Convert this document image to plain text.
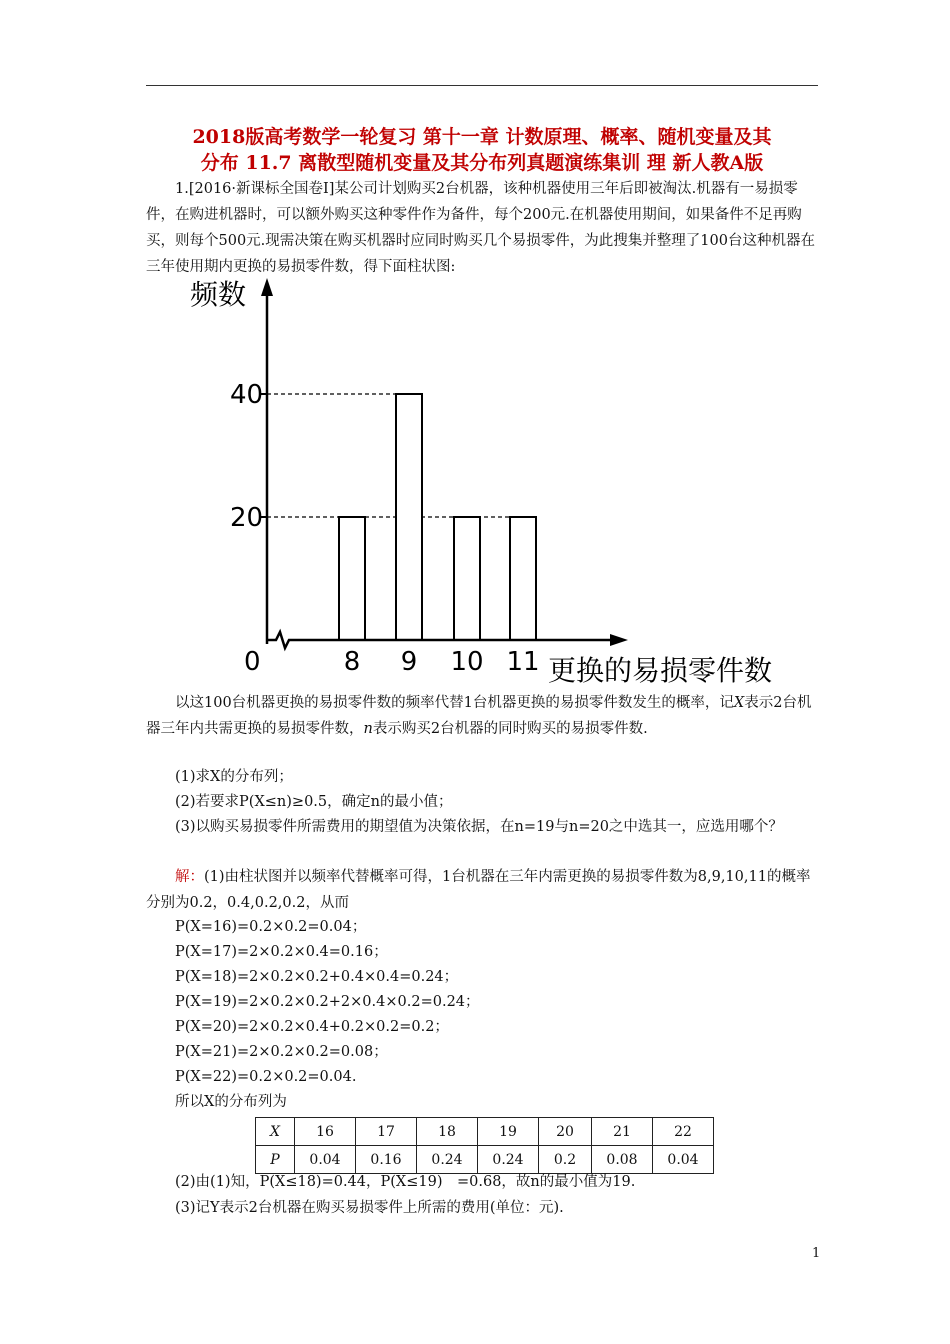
2018版高考数学一轮复习 第十一章 计数原理、概率、随机变量及其
分布 11.7 离散型随机变量及其分布列真题演练集训 理 新人教A版

1.[2016·新课标全国卷Ⅰ]某公司计划购买2台机器，该种机器使用三年后即被淘汰.机器有一易损零件，在购进机器时，可以额外购买这种零件作为备件，每个200元.在机器使用期间，如果备件不足再购买，则每个500元.现需决策在购买机器时应同时购买几个易损零件，为此搜集并整理了100台这种机器在三年使用期内更换的易损零件数，得下面柱状图:

频数
40
20
0	8 9 10 11 更换的易损零件数

以这100台机器更换的易损零件数的频率代替1台机器更换的易损零件数发生的概率，记X表示2台机器三年内共需更换的易损零件数，n表示购买2台机器的同时购买的易损零件数.

(1)求X的分布列；

(2)若要求P(X≤n)≥0.5，确定n的最小值；

(3)以购买易损零件所需费用的期望值为决策依据，在n=19与n=20之中选其一，应选用哪个？

解：(1)由柱状图并以频率代替概率可得，1台机器在三年内需更换的易损零件数为8,9,10,11的概率分别为0.2，0.4,0.2,0.2，从而

P(X=16)=0.2×0.2=0.04；
P(X=17)=2×0.2×0.4=0.16；
P(X=18)=2×0.2×0.2+0.4×0.4=0.24；
P(X=19)=2×0.2×0.2+2×0.4×0.2=0.24；
P(X=20)=2×0.2×0.4+0.2×0.2=0.2；
P(X=21)=2×0.2×0.2=0.08；
P(X=22)=0.2×0.2=0.04.
所以X的分布列为
X	16	17	18	19	20	21	22
P	0.04	0.16	0.24	0.24	0.2	0.08	0.04
(2)由(1)知，P(X≤18)=0.44，P(X≤19)　=0.68，故n的最小值为19.
(3)记Y表示2台机器在购买易损零件上所需的费用(单位：元).
1
